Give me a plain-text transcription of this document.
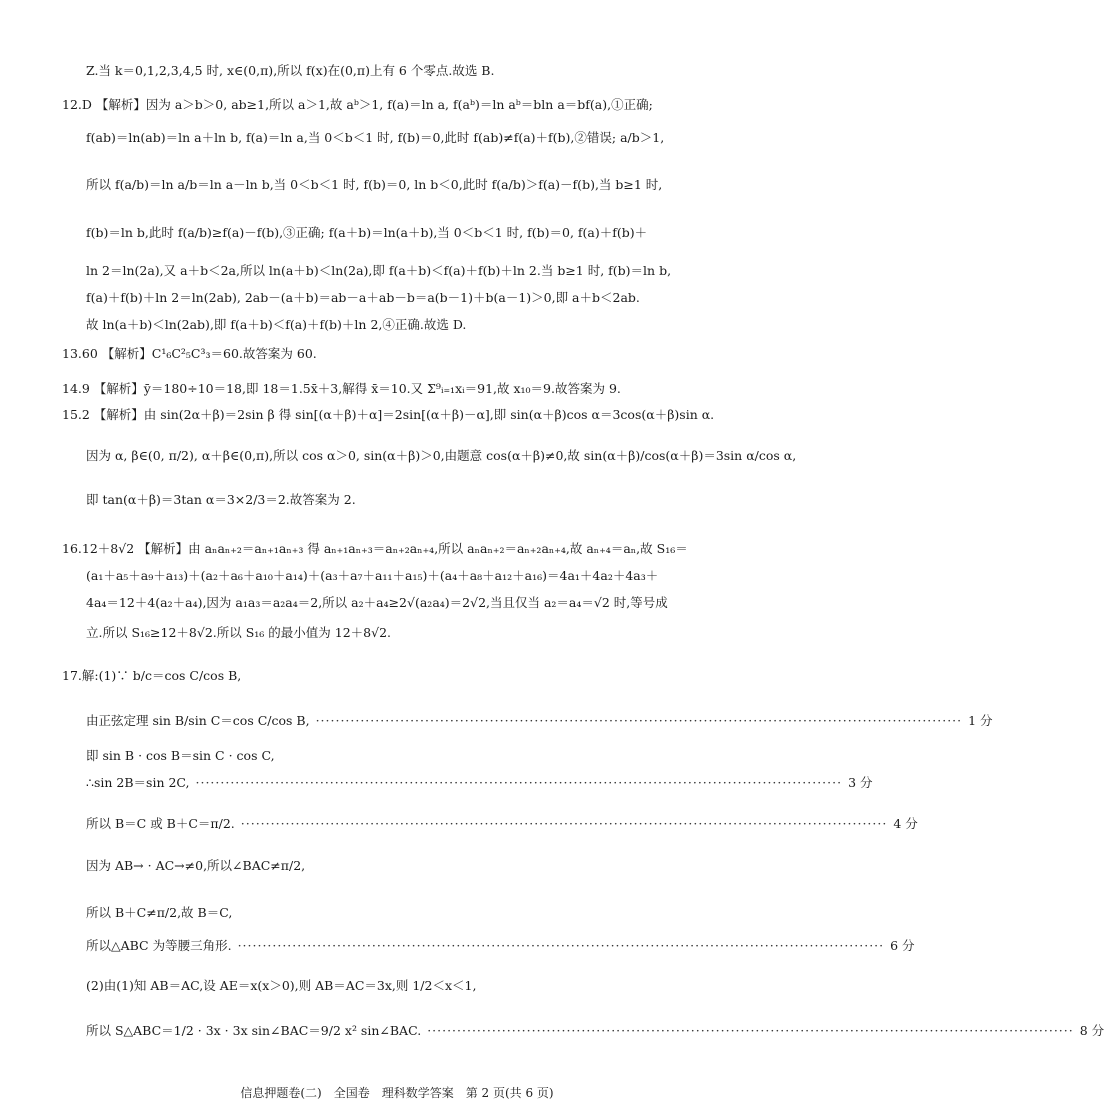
Z.当 k＝0,1,2,3,4,5 时, x∈(0,π),所以 f(x)在(0,π)上有 6 个零点.故选 B.
12.D 【解析】因为 a＞b＞0, ab≥1,所以 a＞1,故 aᵇ＞1, f(a)＝ln a, f(aᵇ)＝ln aᵇ＝bln a＝bf(a),①正确;
f(ab)＝ln(ab)＝ln a＋ln b, f(a)＝ln a,当 0＜b＜1 时, f(b)＝0,此时 f(ab)≠f(a)＋f(b),②错误; a/b＞1,
所以 f(a/b)＝ln a/b＝ln a－ln b,当 0＜b＜1 时, f(b)＝0, ln b＜0,此时 f(a/b)＞f(a)－f(b),当 b≥1 时,
f(b)＝ln b,此时 f(a/b)≥f(a)－f(b),③正确; f(a＋b)＝ln(a＋b),当 0＜b＜1 时, f(b)＝0, f(a)＋f(b)＋
ln 2＝ln(2a),又 a＋b＜2a,所以 ln(a＋b)＜ln(2a),即 f(a＋b)＜f(a)＋f(b)＋ln 2.当 b≥1 时, f(b)＝ln b,
f(a)＋f(b)＋ln 2＝ln(2ab), 2ab－(a＋b)＝ab－a＋ab－b＝a(b－1)＋b(a－1)＞0,即 a＋b＜2ab.
故 ln(a＋b)＜ln(2ab),即 f(a＋b)＜f(a)＋f(b)＋ln 2,④正确.故选 D.
13.60 【解析】C¹₆C²₅C³₃＝60.故答案为 60.
14.9 【解析】ȳ＝180÷10＝18,即 18＝1.5x̄＋3,解得 x̄＝10.又 Σ⁹ᵢ₌₁xᵢ＝91,故 x₁₀＝9.故答案为 9.
15.2 【解析】由 sin(2α＋β)＝2sin β 得 sin[(α＋β)＋α]＝2sin[(α＋β)－α],即 sin(α＋β)cos α＝3cos(α＋β)sin α.
因为 α, β∈(0, π/2), α＋β∈(0,π),所以 cos α＞0, sin(α＋β)＞0,由题意 cos(α＋β)≠0,故 sin(α＋β)/cos(α＋β)＝3sin α/cos α,
即 tan(α＋β)＝3tan α＝3×2/3＝2.故答案为 2.
16.12＋8√2 【解析】由 aₙaₙ₊₂＝aₙ₊₁aₙ₊₃ 得 aₙ₊₁aₙ₊₃＝aₙ₊₂aₙ₊₄,所以 aₙaₙ₊₂＝aₙ₊₂aₙ₊₄,故 aₙ₊₄＝aₙ,故 S₁₆＝
(a₁＋a₅＋a₉＋a₁₃)＋(a₂＋a₆＋a₁₀＋a₁₄)＋(a₃＋a₇＋a₁₁＋a₁₅)＋(a₄＋a₈＋a₁₂＋a₁₆)＝4a₁＋4a₂＋4a₃＋
4a₄＝12＋4(a₂＋a₄),因为 a₁a₃＝a₂a₄＝2,所以 a₂＋a₄≥2√(a₂a₄)＝2√2,当且仅当 a₂＝a₄＝√2 时,等号成
立.所以 S₁₆≥12＋8√2.所以 S₁₆ 的最小值为 12＋8√2.
17.解:(1)∵ b/c＝cos C/cos B,
由正弦定理 sin B/sin C＝cos C/cos B, ·································································································································· 1 分
即 sin B · cos B＝sin C · cos C,
∴sin 2B＝sin 2C, ·································································································································· 3 分
所以 B＝C 或 B＋C＝π/2. ·································································································································· 4 分
因为 AB→ · AC→≠0,所以∠BAC≠π/2,
所以 B＋C≠π/2,故 B＝C,
所以△ABC 为等腰三角形. ·································································································································· 6 分
(2)由(1)知 AB＝AC,设 AE＝x(x＞0),则 AB＝AC＝3x,则 1/2＜x＜1,
所以 S△ABC＝1/2 · 3x · 3x sin∠BAC＝9/2 x² sin∠BAC. ·································································································································· 8 分
信息押题卷(二)　全国卷　理科数学答案　第 2 页(共 6 页)
